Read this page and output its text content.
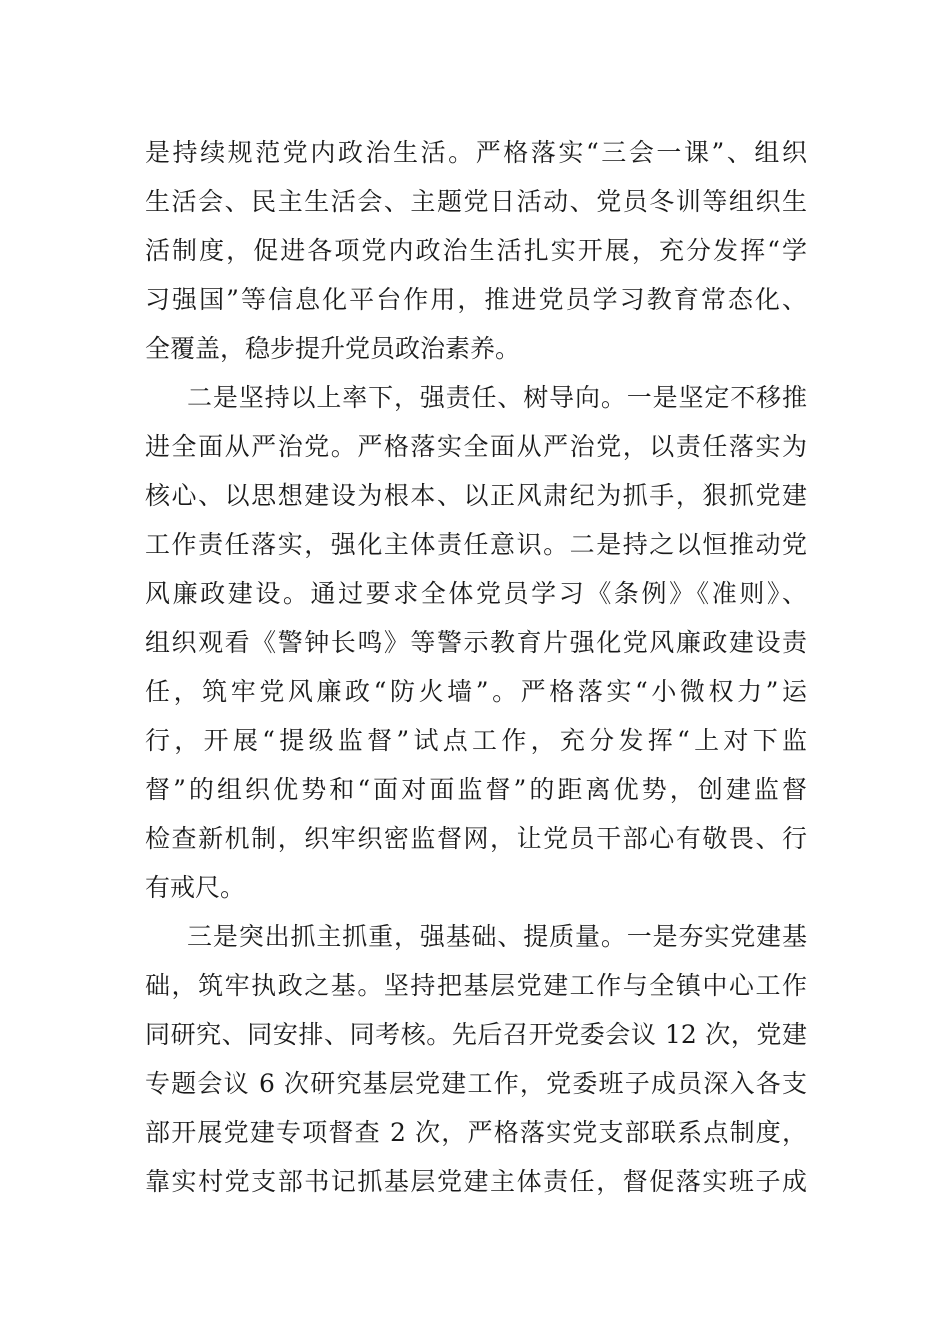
是持续规范党内政治生活。严格落实“三会一课”、组织
生活会、民主生活会、主题党日活动、党员冬训等组织生
活制度，促进各项党内政治生活扎实开展，充分发挥“学
习强国”等信息化平台作用，推进党员学习教育常态化、
全覆盖，稳步提升党员政治素养。
二是坚持以上率下，强责任、树导向。一是坚定不移推
进全面从严治党。严格落实全面从严治党，以责任落实为
核心、以思想建设为根本、以正风肃纪为抓手，狠抓党建
工作责任落实，强化主体责任意识。二是持之以恒推动党
风廉政建设。通过要求全体党员学习《条例》《准则》、
组织观看《警钟长鸣》等警示教育片强化党风廉政建设责
任，筑牢党风廉政“防火墙”。严格落实“小微权力”运
行，开展“提级监督”试点工作，充分发挥“上对下监
督”的组织优势和“面对面监督”的距离优势，创建监督
检查新机制，织牢织密监督网，让党员干部心有敬畏、行
有戒尺。
三是突出抓主抓重，强基础、提质量。一是夯实党建基
础，筑牢执政之基。坚持把基层党建工作与全镇中心工作
同研究、同安排、同考核。先后召开党委会议 12 次，党建
专题会议 6 次研究基层党建工作，党委班子成员深入各支
部开展党建专项督查 2 次，严格落实党支部联系点制度，
靠实村党支部书记抓基层党建主体责任，督促落实班子成
